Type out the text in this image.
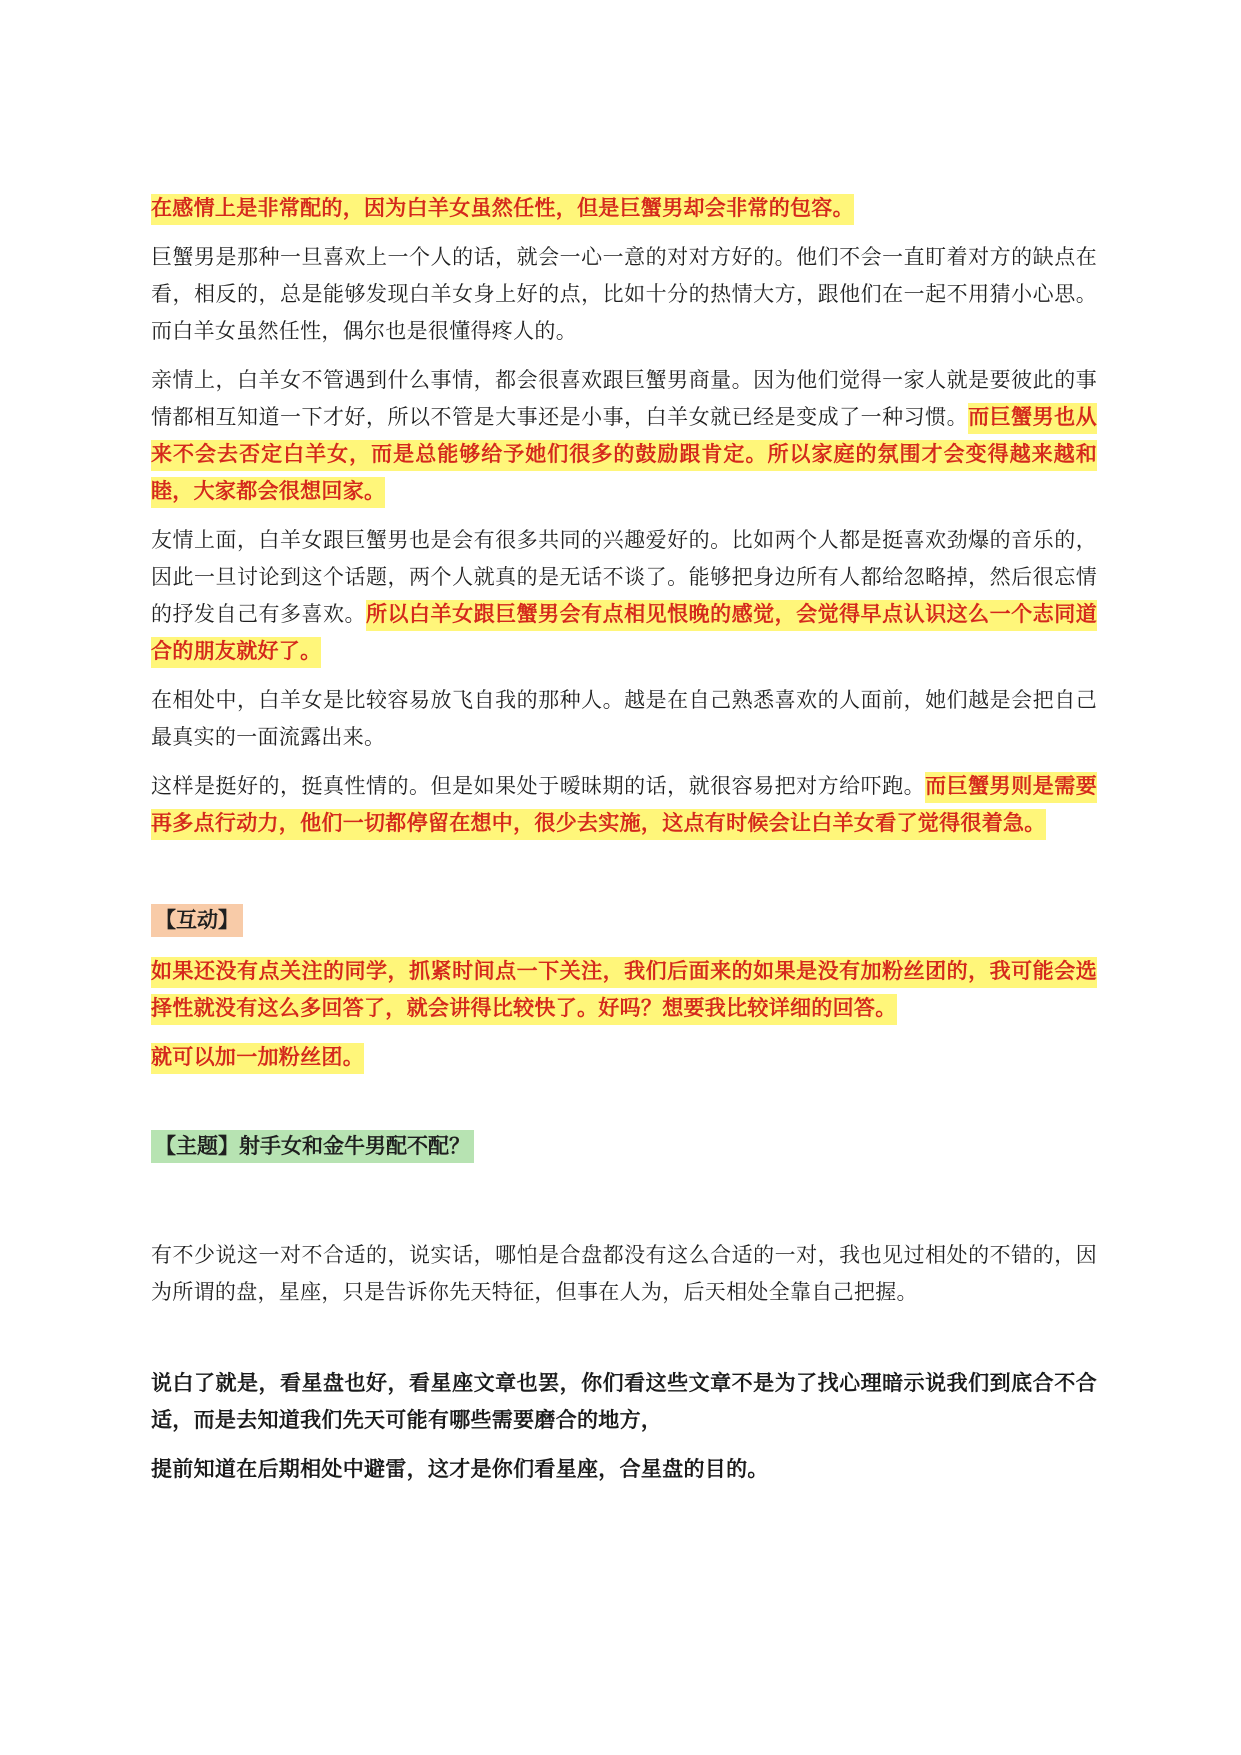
在感情上是非常配的，因为白羊女虽然任性，但是巨蟹男却会非常的包容。

巨蟹男是那种一旦喜欢上一个人的话，就会一心一意的对对方好的。他们不会一直盯着对方的缺点在看，相反的，总是能够发现白羊女身上好的点，比如十分的热情大方，跟他们在一起不用猜小心思。而白羊女虽然任性，偶尔也是很懂得疼人的。

亲情上，白羊女不管遇到什么事情，都会很喜欢跟巨蟹男商量。因为他们觉得一家人就是要彼此的事情都相互知道一下才好，所以不管是大事还是小事，白羊女就已经是变成了一种习惯。而巨蟹男也从来不会去否定白羊女，而是总能够给予她们很多的鼓励跟肯定。所以家庭的氛围才会变得越来越和睦，大家都会很想回家。

友情上面，白羊女跟巨蟹男也是会有很多共同的兴趣爱好的。比如两个人都是挺喜欢劲爆的音乐的，因此一旦讨论到这个话题，两个人就真的是无话不谈了。能够把身边所有人都给忽略掉，然后很忘情的抒发自己有多喜欢。所以白羊女跟巨蟹男会有点相见恨晚的感觉，会觉得早点认识这么一个志同道合的朋友就好了。

在相处中，白羊女是比较容易放飞自我的那种人。越是在自己熟悉喜欢的人面前，她们越是会把自己最真实的一面流露出来。

这样是挺好的，挺真性情的。但是如果处于暧昧期的话，就很容易把对方给吓跑。而巨蟹男则是需要再多点行动力，他们一切都停留在想中，很少去实施，这点有时候会让白羊女看了觉得很着急。

【互动】

如果还没有点关注的同学，抓紧时间点一下关注，我们后面来的如果是没有加粉丝团的，我可能会选择性就没有这么多回答了，就会讲得比较快了。好吗？想要我比较详细的回答。

就可以加一加粉丝团。

【主题】射手女和金牛男配不配？

有不少说这一对不合适的，说实话，哪怕是合盘都没有这么合适的一对，我也见过相处的不错的，因为所谓的盘，星座，只是告诉你先天特征，但事在人为，后天相处全靠自己把握。

说白了就是，看星盘也好，看星座文章也罢，你们看这些文章不是为了找心理暗示说我们到底合不合适，而是去知道我们先天可能有哪些需要磨合的地方，

提前知道在后期相处中避雷，这才是你们看星座，合星盘的目的。
